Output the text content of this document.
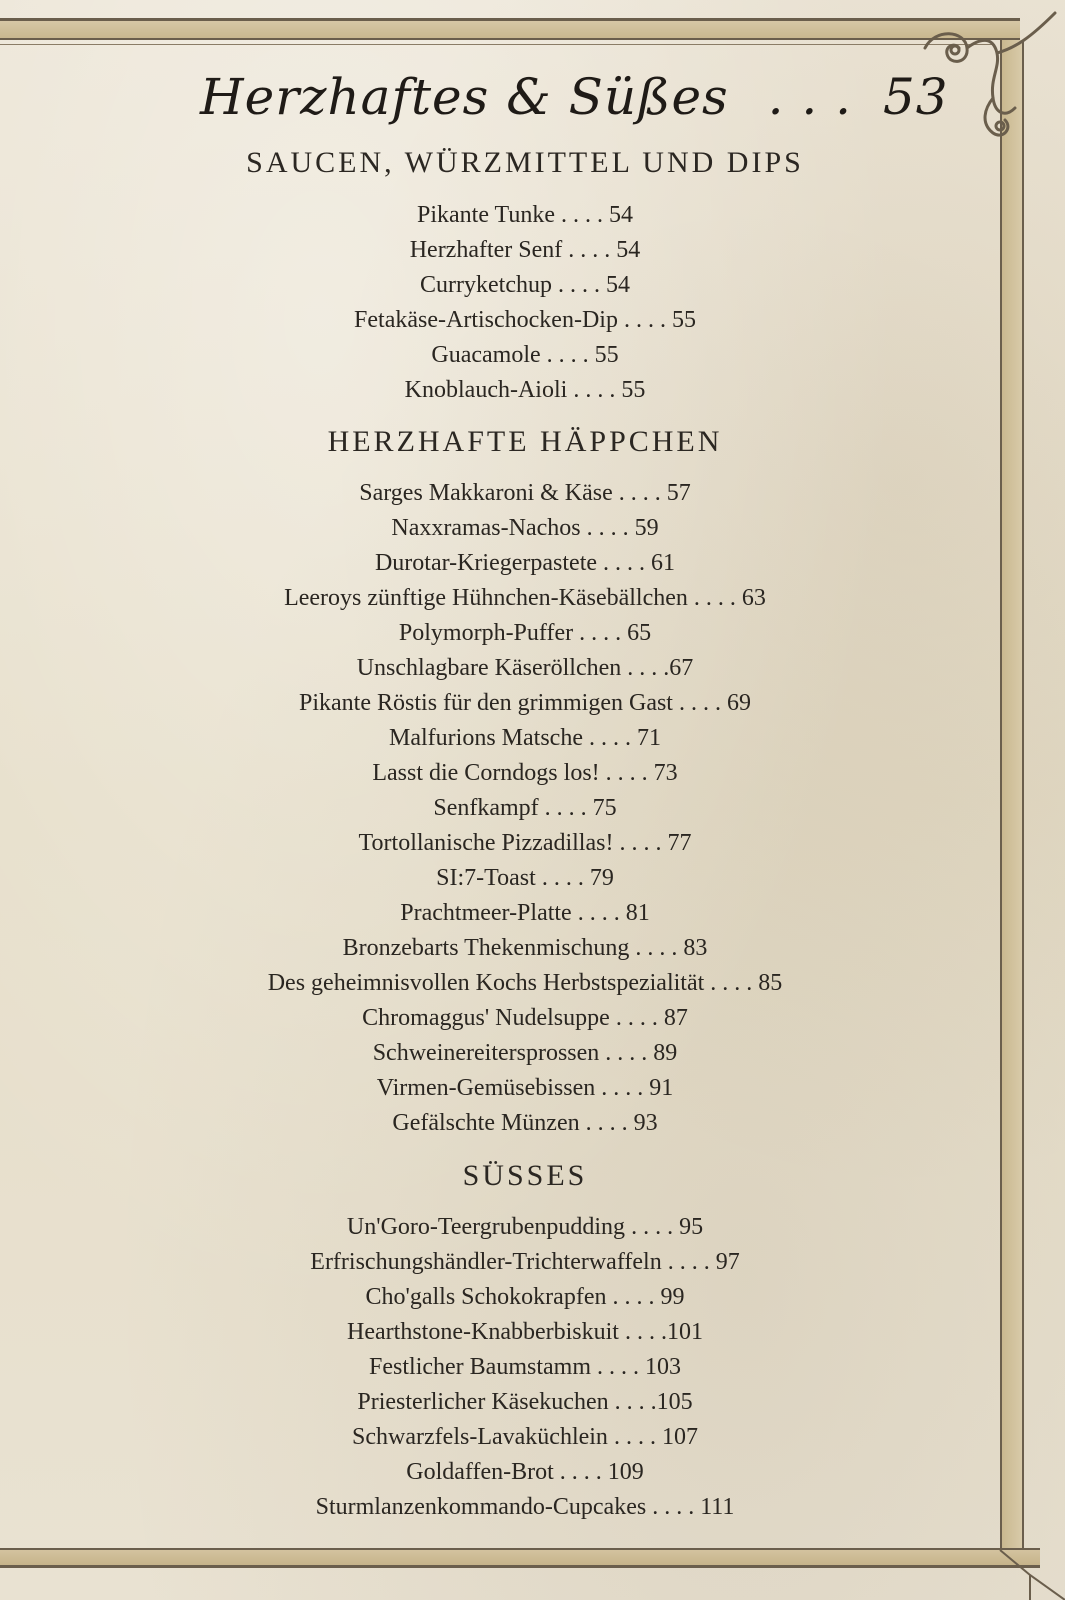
Herzhaftes & Süßes . . . 53
SAUCEN, WÜRZMITTEL UND DIPS
Pikante Tunke . . . . 54
Herzhafter Senf . . . . 54
Curryketchup . . . . 54
Fetakäse-Artischocken-Dip . . . . 55
Guacamole . . . . 55
Knoblauch-Aioli . . . . 55
HERZHAFTE HÄPPCHEN
Sarges Makkaroni & Käse . . . . 57
Naxxramas-Nachos . . . . 59
Durotar-Kriegerpastete . . . . 61
Leeroys zünftige Hühnchen-Käsebällchen . . . . 63
Polymorph-Puffer . . . . 65
Unschlagbare Käseröllchen . . . .67
Pikante Röstis für den grimmigen Gast . . . . 69
Malfurions Matsche . . . . 71
Lasst die Corndogs los! . . . . 73
Senfkampf . . . . 75
Tortollanische Pizzadillas! . . . . 77
SI:7-Toast . . . . 79
Prachtmeer-Platte . . . . 81
Bronzebarts Thekenmischung . . . . 83
Des geheimnisvollen Kochs Herbstspezialität . . . . 85
Chromaggus' Nudelsuppe . . . . 87
Schweinereitersprossen . . . . 89
Virmen-Gemüsebissen . . . . 91
Gefälschte Münzen . . . . 93
SÜSSES
Un'Goro-Teergrubenpudding . . . . 95
Erfrischungshändler-Trichterwaffeln . . . . 97
Cho'galls Schokokrapfen . . . . 99
Hearthstone-Knabberbiskuit . . . .101
Festlicher Baumstamm . . . . 103
Priesterlicher Käsekuchen . . . .105
Schwarzfels-Lavaküchlein . . . . 107
Goldaffen-Brot . . . . 109
Sturmlanzenkommando-Cupcakes . . . . 111
